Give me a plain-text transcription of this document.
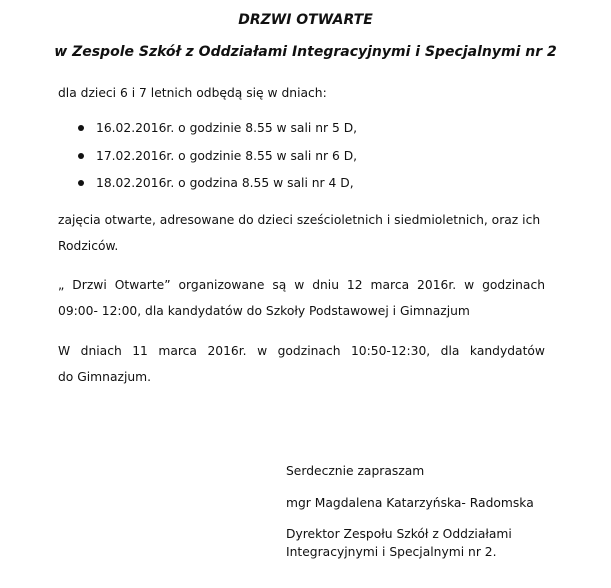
DRZWI OTWARTE
w Zespole Szkół z Oddziałami Integracyjnymi i Specjalnymi nr 2
dla dzieci 6 i 7 letnich odbędą się w dniach:
16.02.2016r. o godzinie 8.55 w sali nr 5 D,
17.02.2016r. o godzinie 8.55 w sali nr 6 D,
18.02.2016r. o godzina 8.55 w sali nr 4 D,
zajęcia otwarte, adresowane do dzieci sześcioletnich i siedmioletnich, oraz ich Rodziców.
„ Drzwi Otwarte” organizowane są w dniu 12 marca 2016r. w godzinach
09:00- 12:00, dla kandydatów do Szkoły Podstawowej i Gimnazjum
W dniach 11 marca 2016r. w godzinach 10:50-12:30, dla kandydatów
do Gimnazjum.
Serdecznie zapraszam
mgr Magdalena Katarzyńska- Radomska
Dyrektor Zespołu Szkół z Oddziałami
Integracyjnymi i Specjalnymi nr 2.
